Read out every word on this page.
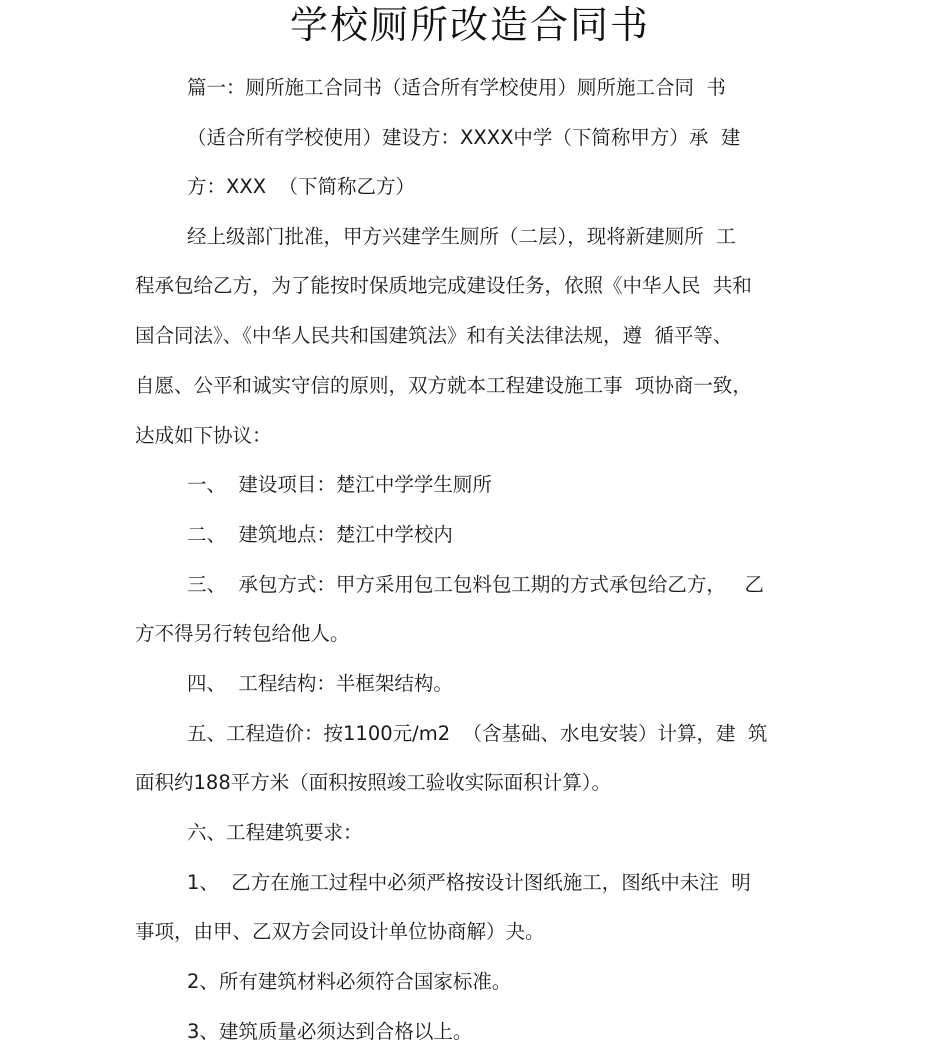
学校厕所改造合同书
篇一：厕所施工合同书（适合所有学校使用）厕所施工合同  书
（适合所有学校使用）建设方：XXXX中学（下简称甲方）承  建
方：XXX  （下简称乙方）
经上级部门批准，甲方兴建学生厕所（二层），现将新建厕所  工
程承包给乙方，为了能按时保质地完成建设任务，依照《中华人民  共和
国合同法》、《中华人民共和国建筑法》和有关法律法规，遵  循平等、
自愿、公平和诚实守信的原则，双方就本工程建设施工事  项协商一致，
达成如下协议：
一、  建设项目：楚江中学学生厕所
二、  建筑地点：楚江中学校内
三、  承包方式：甲方采用包工包料包工期的方式承包给乙方，   乙
方不得另行转包给他人。
四、  工程结构：半框架结构。
五、工程造价：按1100元/m2  （含基础、水电安装）计算，建  筑
面积约188平方米（面积按照竣工验收实际面积计算）。
六、工程建筑要求：
1、  乙方在施工过程中必须严格按设计图纸施工，图纸中未注  明
事项，由甲、乙双方会同设计单位协商解）夬。
2、所有建筑材料必须符合国家标准。
3、建筑质量必须达到合格以上。
